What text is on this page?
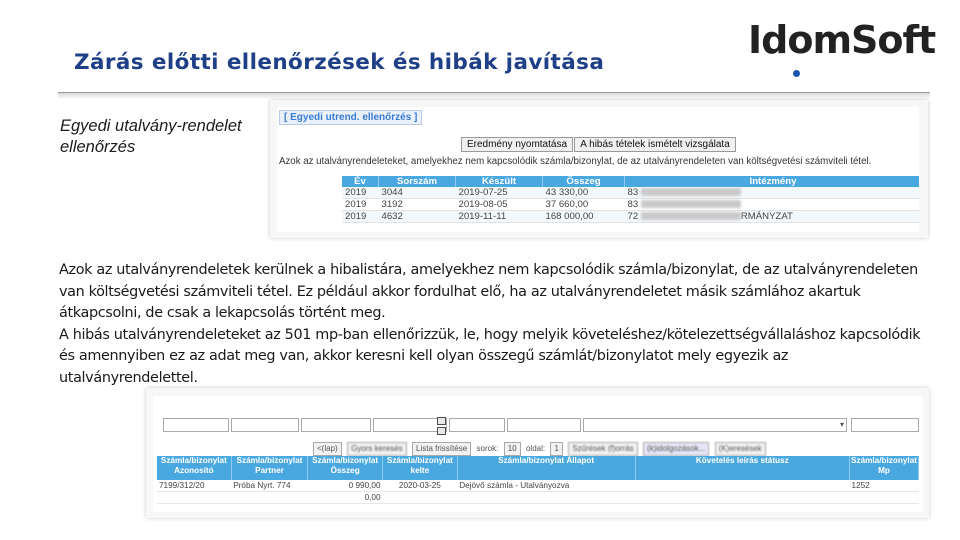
Zárás előtti ellenőrzések és hibák javítása
IdomSoft
Egyedi utalvány-rendelet ellenőrzés
[ Egyedi utrend. ellenőrzés ]
Eredmény nyomtatása	A hibás tételek ismételt vizsgálata
Azok az utalványrendeleteket, amelyekhez nem kapcsolódik számla/bizonylat, de az utalványrendeleten van költségvetési számviteli tétel.
Év	Sorszám	Készült	Összeg	Intézmény
2019	3044	2019-07-25	43 330,00	83
2019	3192	2019-08-05	37 660,00	83
2019	4632	2019-11-11	168 000,00	72 RMÁNYZAT

Azok az utalványrendeletek kerülnek a hibalistára, amelyekhez nem kapcsolódik számla/bizonylat, de az utalványrendeleten van költségvetési számviteli tétel. Ez például akkor fordulhat elő, ha az utalványrendeletet másik számlához akartuk átkapcsolni, de csak a lekapcsolás történt meg.

A hibás utalványrendeleteket az 501 mp-ban ellenőrizzük, le, hogy melyik követeléshez/kötelezettségvállaláshoz kapcsolódik és amennyiben ez az adat meg van, akkor keresni kell olyan összegű számlát/bizonylatot mely egyezik az utalványrendelettel.

▾
<(lap) Gyors keresés Lista frissítése sorok: 10 oldal: 1 Szűrések (f)orrás (k)idolgozások... (K)eresések
Számla/bizonylat Azonosító	Számla/bizonylat Partner	Számla/bizonylat Összeg	Számla/bizonylat kelte	Számla/bizonylat Állapot	Követelés leírás státusz	Számla/bizonylat Mp
7199/312/20	Próba Nyrt. 774	0 990,00	2020-03-25	Dejövő számla - Utalványozva		1252
		0,00				
